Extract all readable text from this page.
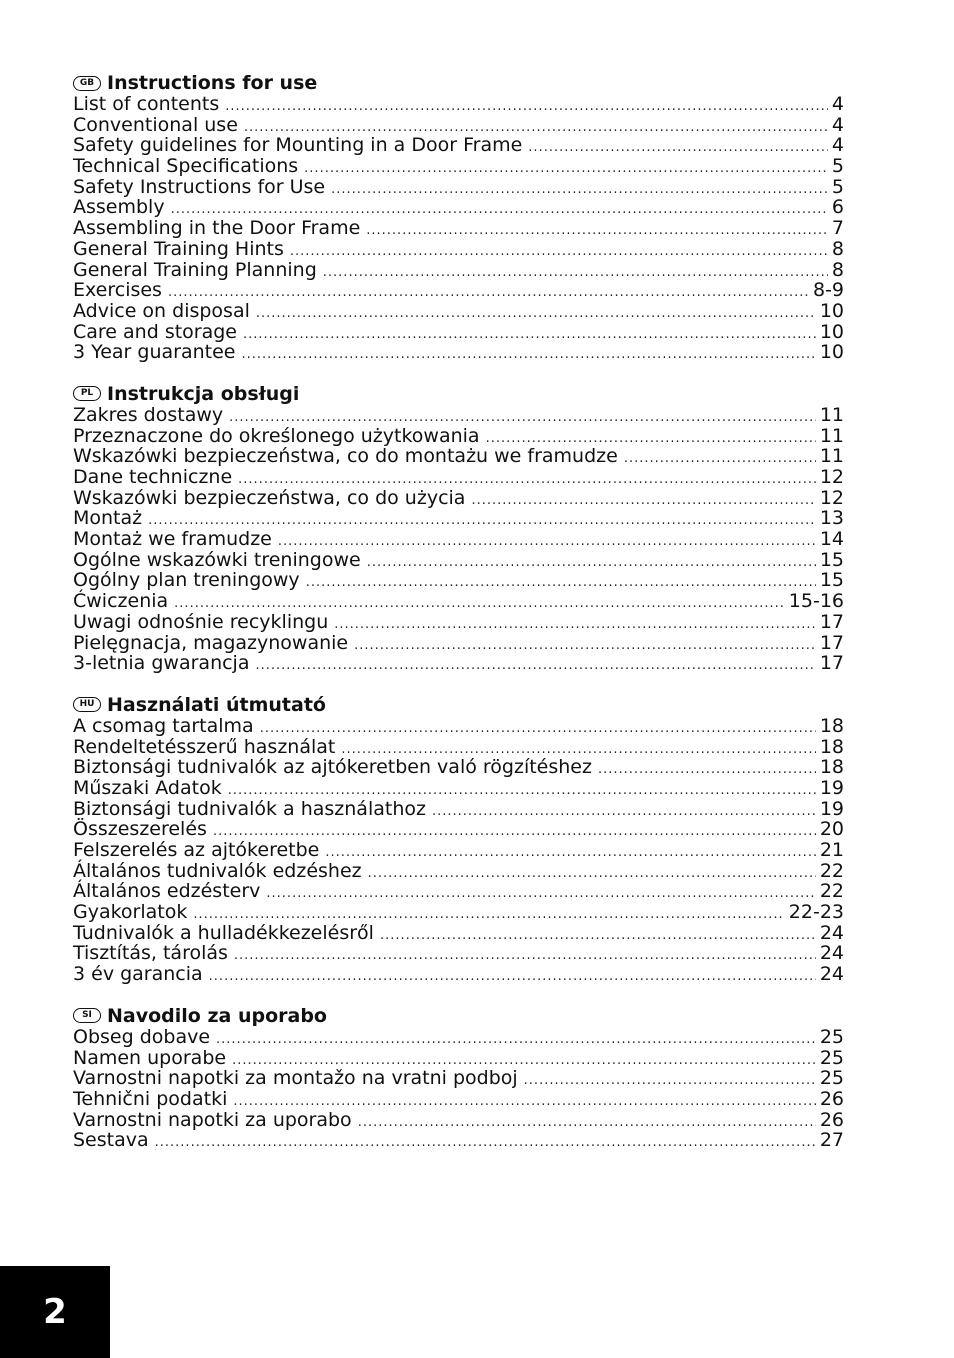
GB Instructions for use
List of contents .....	4
Conventional use .....	4
Safety guidelines for Mounting in a Door Frame .....	4
Technical Specifications .....	5
Safety Instructions for Use .....	5
Assembly .....	6
Assembling in the Door Frame .....	7
General Training Hints .....	8
General Training Planning .....	8
Exercises .....	8-9
Advice on disposal .....	10
Care and storage .....	10
3 Year guarantee .....	10
PL Instrukcja obsługi
Zakres dostawy .....	11
Przeznaczone do określonego użytkowania .....	11
Wskazówki bezpieczeństwa, co do montażu we framudze .....	11
Dane techniczne .....	12
Wskazówki bezpieczeństwa, co do użycia .....	12
Montaż .....	13
Montaż we framudze .....	14
Ogólne wskazówki treningowe .....	15
Ogólny plan treningowy .....	15
Ćwiczenia .....	15-16
Uwagi odnośnie recyklingu .....	17
Pielęgnacja, magazynowanie .....	17
3-letnia gwarancja .....	17
HU Használati útmutató
A csomag tartalma .....	18
Rendeltetésszerű használat .....	18
Biztonsági tudnivalók az ajtókeretben való rögzítéshez .....	18
Műszaki Adatok .....	19
Biztonsági tudnivalók a használathoz .....	19
Összeszerelés .....	20
Felszerelés az ajtókeretbe .....	21
Általános tudnivalók edzéshez .....	22
Általános edzésterv .....	22
Gyakorlatok .....	22-23
Tudnivalók a hulladékkezelésről .....	24
Tisztítás, tárolás .....	24
3 év garancia .....	24
SI Navodilo za uporabo
Obseg dobave .....	25
Namen uporabe .....	25
Varnostni napotki za montažo na vratni podboj .....	25
Tehnični podatki .....	26
Varnostni napotki za uporabo .....	26
Sestava .....	27
2
